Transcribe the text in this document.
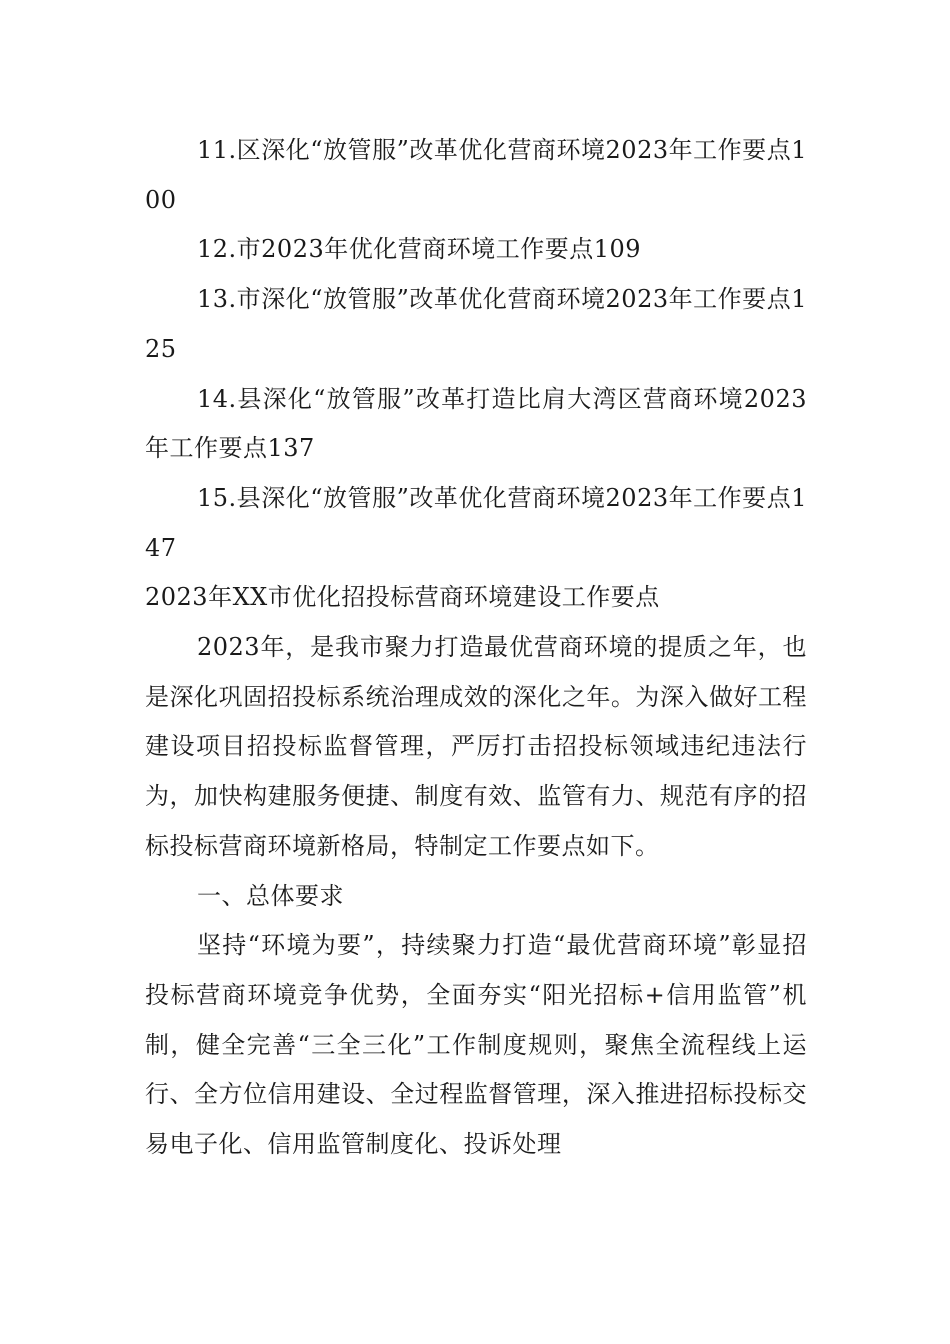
11.区深化“放管服”改革优化营商环境2023年工作要点100

12.市2023年优化营商环境工作要点109

13.市深化“放管服”改革优化营商环境2023年工作要点125

14.县深化“放管服”改革打造比肩大湾区营商环境2023年工作要点137

15.县深化“放管服”改革优化营商环境2023年工作要点147

2023年XX市优化招投标营商环境建设工作要点

2023年，是我市聚力打造最优营商环境的提质之年，也是深化巩固招投标系统治理成效的深化之年。为深入做好工程建设项目招投标监督管理，严厉打击招投标领域违纪违法行为，加快构建服务便捷、制度有效、监管有力、规范有序的招标投标营商环境新格局，特制定工作要点如下。

一、总体要求

坚持“环境为要”，持续聚力打造“最优营商环境”彰显招投标营商环境竞争优势，全面夯实“阳光招标+信用监管”机制，健全完善“三全三化”工作制度规则，聚焦全流程线上运行、全方位信用建设、全过程监督管理，深入推进招标投标交易电子化、信用监管制度化、投诉处理
